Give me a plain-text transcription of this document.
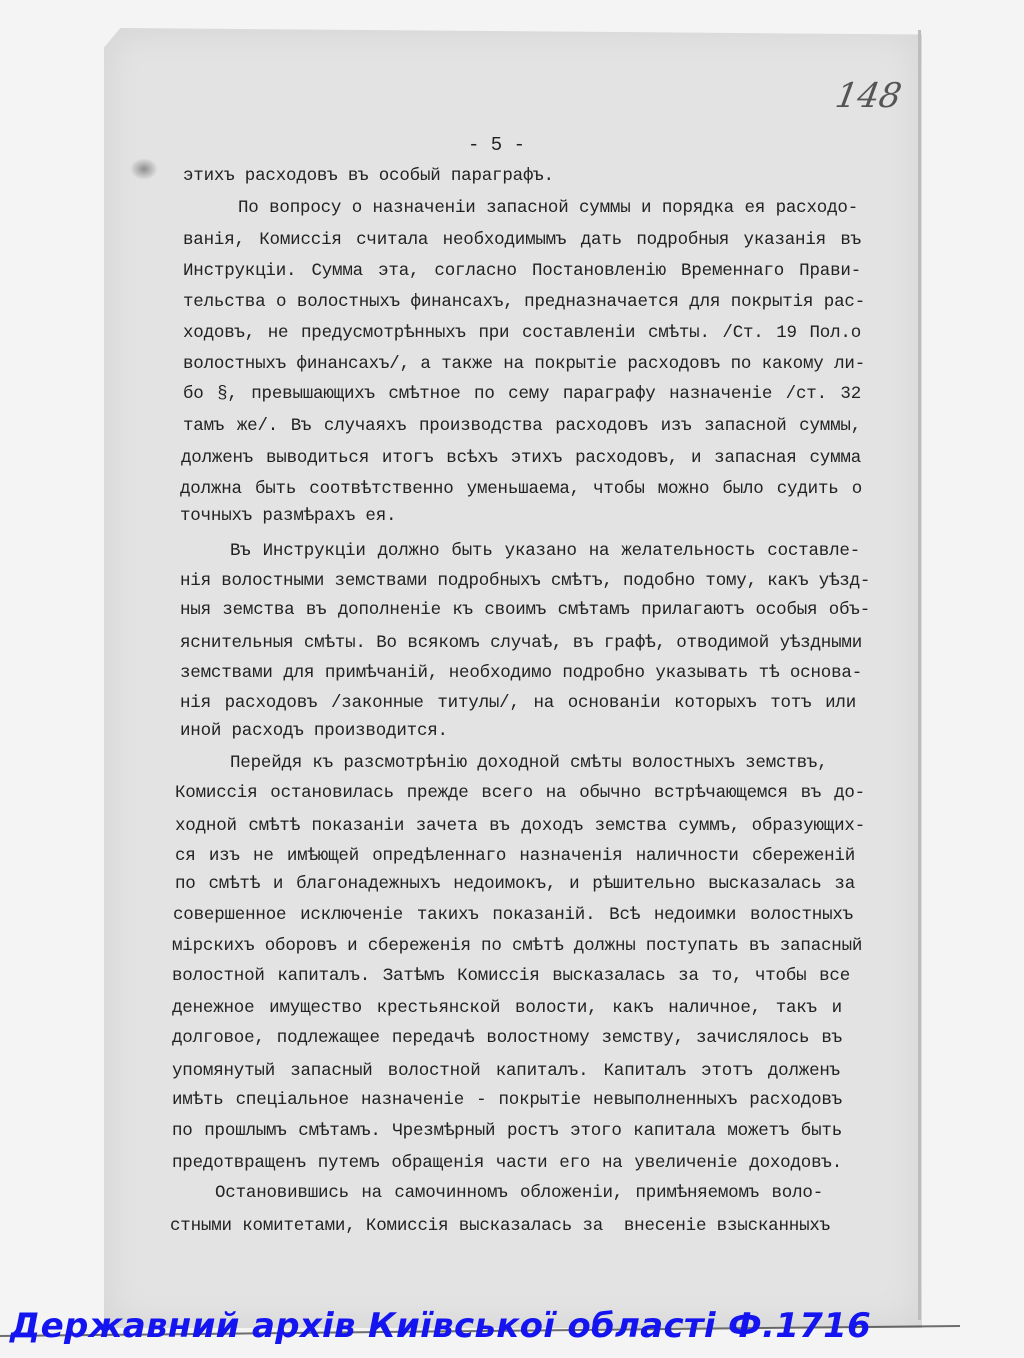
148
- 5 -
этихъ расходовъ въ особый параграфъ.
По вопросу о назначеніи запасной суммы и порядка ея расходо-
ванія, Комиссія считала необходимымъ дать подробныя указанія въ
Инструкціи. Сумма эта, согласно Постановленію Временнаго Прави-
тельства о волостныхъ финансахъ, предназначается для покрытія рас-
ходовъ, не предусмотрѣнныхъ при составленіи смѣты. /Ст. 19 Пол.о
волостныхъ финансахъ/, а также на покрытіе расходовъ по какому ли-
бо §, превышающихъ смѣтное по сему параграфу назначеніе /ст. 32
тамъ же/. Въ случаяхъ производства расходовъ изъ запасной суммы,
долженъ выводиться итогъ всѣхъ этихъ расходовъ, и запасная сумма
должна быть соотвѣтственно уменьшаема, чтобы можно было судить о
точныхъ размѣрахъ ея.
Въ Инструкціи должно быть указано на желательность составле-
нія волостными земствами подробныхъ смѣтъ, подобно тому, какъ уѣзд-
ныя земства въ дополненіе къ своимъ смѣтамъ прилагаютъ особыя объ-
яснительныя смѣты. Во всякомъ случаѣ, въ графѣ, отводимой уѣздными
земствами для примѣчаній, необходимо подробно указывать тѣ основа-
нія расходовъ /законные титулы/, на основаніи которыхъ тотъ или
иной расходъ производится.
Перейдя къ разсмотрѣнію доходной смѣты волостныхъ земствъ,
Комиссія остановилась прежде всего на обычно встрѣчающемся въ до-
ходной смѣтѣ показаніи зачета въ доходъ земства суммъ, образующих-
ся изъ не имѣющей опредѣленнаго назначенія наличности сбереженій
по смѣтѣ и благонадежныхъ недоимокъ, и рѣшительно высказалась за
совершенное исключеніе такихъ показаній. Всѣ недоимки волостныхъ
мірскихъ оборовъ и сбереженія по смѣтѣ должны поступать въ запасный
волостной капиталъ. Затѣмъ Комиссія высказалась за то, чтобы все
денежное имущество крестьянской волости, какъ наличное, такъ и
долговое, подлежащее передачѣ волостному земству, зачислялось въ
упомянутый запасный волостной капиталъ. Капиталъ этотъ долженъ
имѣть спеціальное назначеніе - покрытіе невыполненныхъ расходовъ
по прошлымъ смѣтамъ. Чрезмѣрный ростъ этого капитала можетъ быть
предотвращенъ путемъ обращенія части его на увеличеніе доходовъ.
Остановившись на самочинномъ обложеніи, примѣняемомъ воло-
стными комитетами, Комиссія высказалась за  внесеніе взысканныхъ
Державний архів Київської області Ф.1716
